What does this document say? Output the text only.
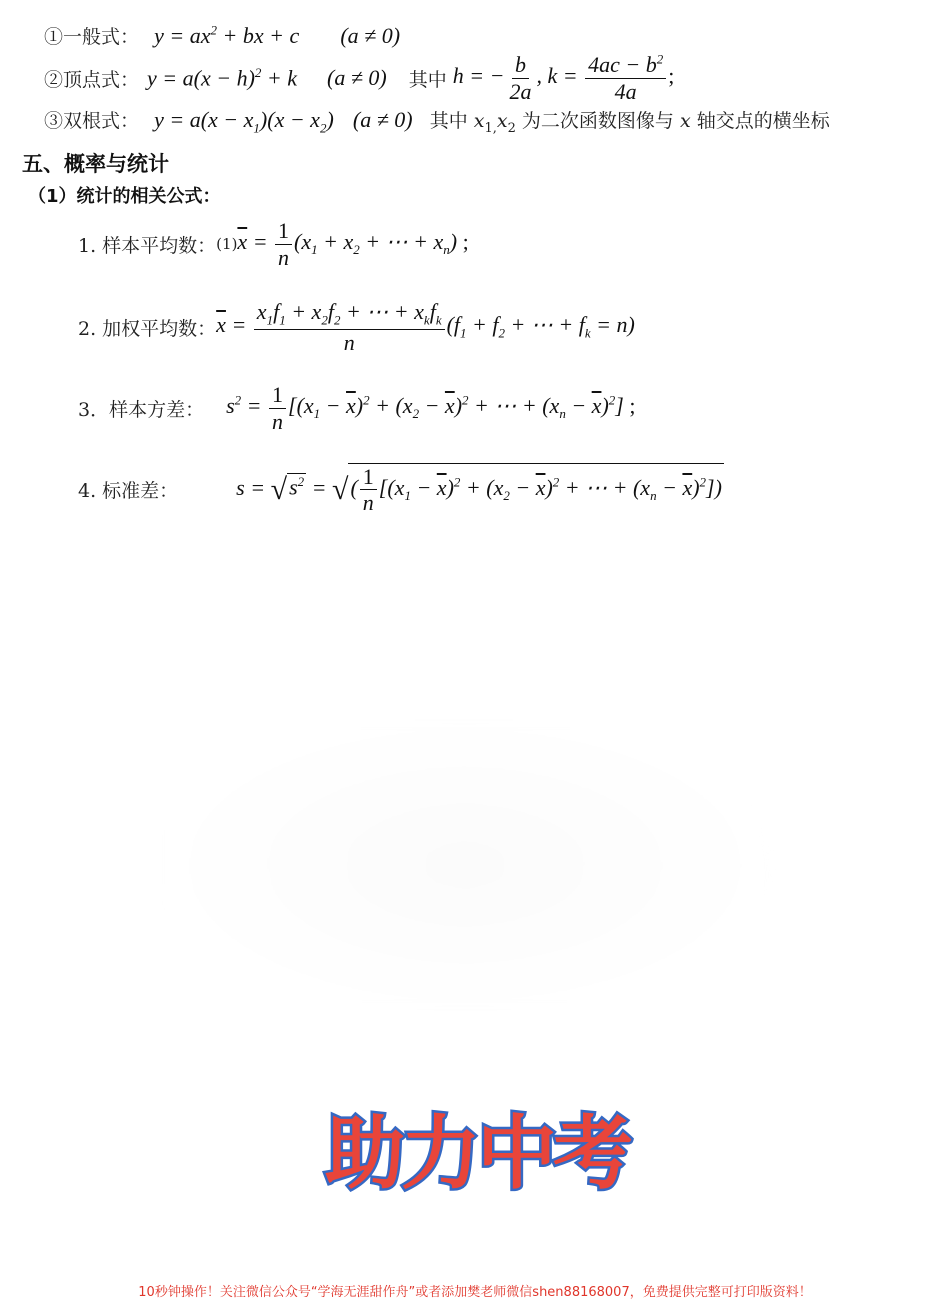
①一般式： $y = ax^2$ + bx + c (a ≠ 0)
②顶点式： $y = a(x - h)^2 + k$ (a ≠ 0) 其中 h = − $\frac{b}{2a}$ , $k = \frac{4ac - b^2}{4a}$ ;
③双根式： $y = a(x - x_1)(x - x_2)$ (a ≠ 0) 其中 $x_{1,}x_2$ 为二次函数图像与 x 轴交点的横坐标
五、概率与统计
（1）统计的相关公式：
1. 样本平均数： (1) $\overline{x} = \frac{1}{n} (x_1 + x_2$ + ⋯ + $x_n$) ;
2. 加权平均数： $\overline{x} = \frac{x_1f_1 + x_2f_2 + \cdots + x_kf_k}{n} (f_1 + f_2$ + ⋯ + $f_k = n$)
3．样本方差： $s^2 = \frac{1}{n} [(x_1 - \overline{x})^2 + (x_2 - \overline{x})^2$ + ⋯ + $(x_n - \overline{x})^2$] ;
4. 标准差：	$s = √s^2$ = √( $\frac{1}{n} [(x_1 - \overline{x})^2 + (x_2 - \overline{x})^2$ + ⋯ + $(x_n - \overline{x})^2$])
助力中考
10秒钟操作！关注微信公众号“学海无涯甜作舟”或者添加樊老师微信shen88168007，免费提供完整可打印版资料！
